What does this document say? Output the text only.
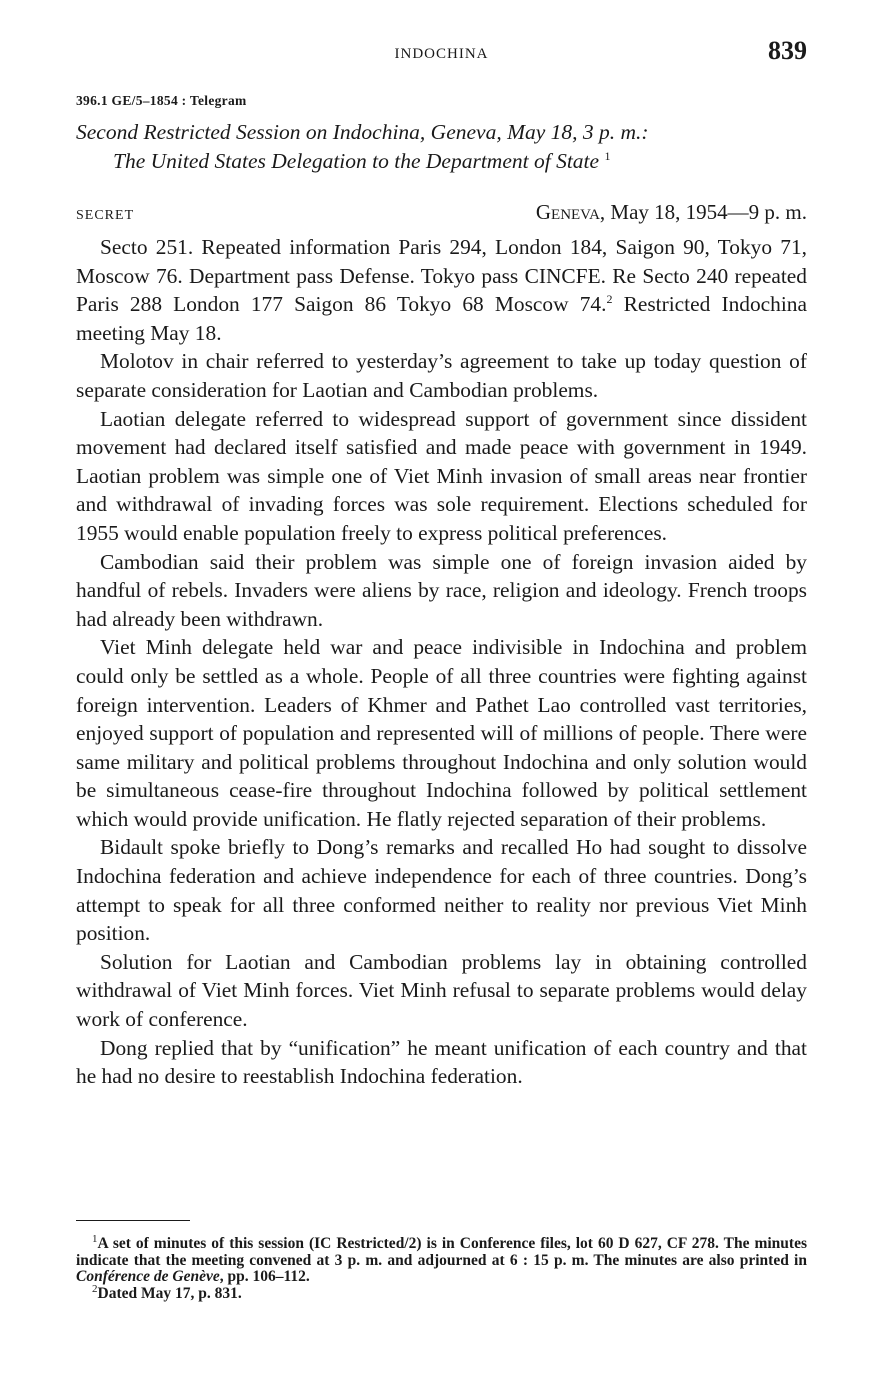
INDOCHINA	839
396.1 GE/5–1854 : Telegram
Second Restricted Session on Indochina, Geneva, May 18, 3 p. m.:
The United States Delegation to the Department of State $^1$
SECRET	Geneva, May 18, 1954—9 p. m.

Secto 251. Repeated information Paris 294, London 184, Saigon 90, Tokyo 71, Moscow 76. Department pass Defense. Tokyo pass CINCFE. Re Secto 240 repeated Paris 288 London 177 Saigon 86 Tokyo 68 Moscow 74.$^2$ Restricted Indochina meeting May 18.

Molotov in chair referred to yesterday’s agreement to take up today question of separate consideration for Laotian and Cambodian problems.

Laotian delegate referred to widespread support of government since dissident movement had declared itself satisfied and made peace with government in 1949. Laotian problem was simple one of Viet Minh invasion of small areas near frontier and withdrawal of invading forces was sole requirement. Elections scheduled for 1955 would enable population freely to express political preferences.

Cambodian said their problem was simple one of foreign invasion aided by handful of rebels. Invaders were aliens by race, religion and ideology. French troops had already been withdrawn.

Viet Minh delegate held war and peace indivisible in Indochina and problem could only be settled as a whole. People of all three countries were fighting against foreign intervention. Leaders of Khmer and Pathet Lao controlled vast territories, enjoyed support of population and represented will of millions of people. There were same military and political problems throughout Indochina and only solution would be simultaneous cease-fire throughout Indochina followed by political settlement which would provide unification. He flatly rejected separation of their problems.

Bidault spoke briefly to Dong’s remarks and recalled Ho had sought to dissolve Indochina federation and achieve independence for each of three countries. Dong’s attempt to speak for all three conformed neither to reality nor previous Viet Minh position.

Solution for Laotian and Cambodian problems lay in obtaining controlled withdrawal of Viet Minh forces. Viet Minh refusal to separate problems would delay work of conference.

Dong replied that by “unification” he meant unification of each country and that he had no desire to reestablish Indochina federation.

$^1$A set of minutes of this session (IC Restricted/2) is in Conference files, lot 60 D 627, CF 278. The minutes indicate that the meeting convened at 3 p. m. and adjourned at 6 : 15 p. m. The minutes are also printed in Conférence de Genève, pp. 106–112.

$^2$Dated May 17, p. 831.
